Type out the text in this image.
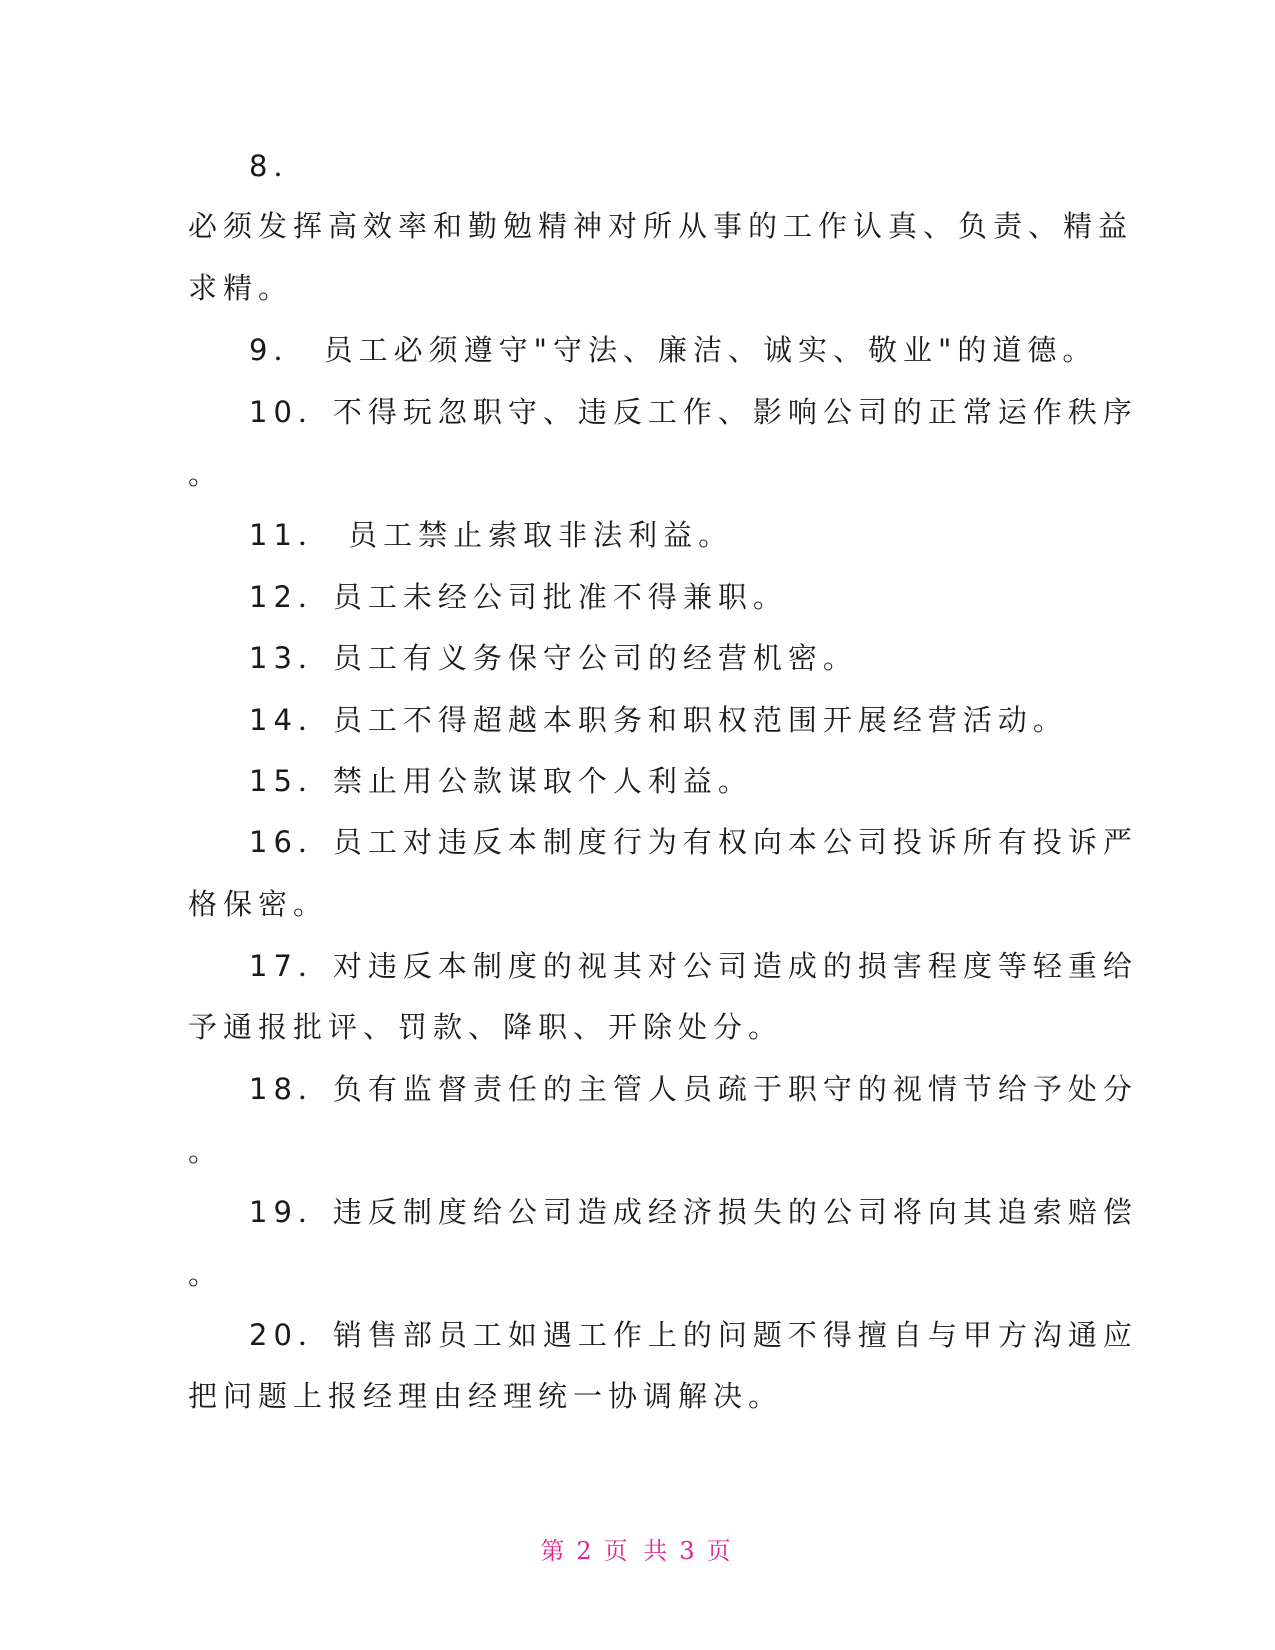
8．
必须发挥高效率和勤勉精神对所从事的工作认真、负责、精益
求精。
9． 员工必须遵守"守法、廉洁、诚实、敬业"的道德。
10．不得玩忽职守、违反工作、影响公司的正常运作秩序
。
11． 员工禁止索取非法利益。
12．员工未经公司批准不得兼职。
13．员工有义务保守公司的经营机密。
14．员工不得超越本职务和职权范围开展经营活动。
15．禁止用公款谋取个人利益。
16．员工对违反本制度行为有权向本公司投诉所有投诉严
格保密。
17．对违反本制度的视其对公司造成的损害程度等轻重给
予通报批评、罚款、降职、开除处分。
18．负有监督责任的主管人员疏于职守的视情节给予处分
。
19．违反制度给公司造成经济损失的公司将向其追索赔偿
。
20．销售部员工如遇工作上的问题不得擅自与甲方沟通应
把问题上报经理由经理统一协调解决。
第 2 页 共 3 页
